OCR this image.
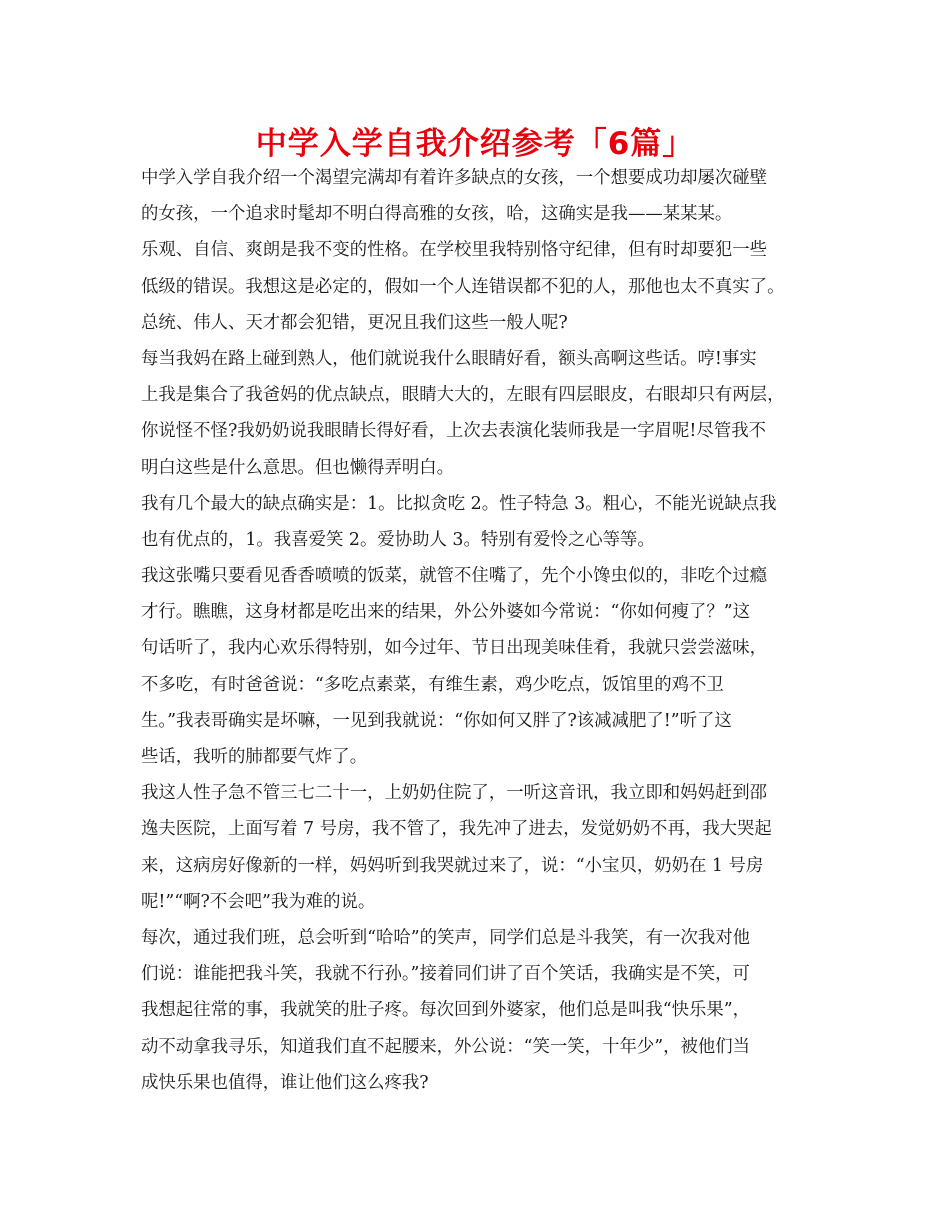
中学入学自我介绍参考「6篇」
中学入学自我介绍一个渴望完满却有着许多缺点的女孩，一个想要成功却屡次碰壁
的女孩，一个追求时髦却不明白得高雅的女孩，哈，这确实是我——某某某。
乐观、自信、爽朗是我不变的性格。在学校里我特别恪守纪律，但有时却要犯一些
低级的错误。我想这是必定的，假如一个人连错误都不犯的人，那他也太不真实了。
总统、伟人、天才都会犯错，更况且我们这些一般人呢?
每当我妈在路上碰到熟人，他们就说我什么眼睛好看，额头高啊这些话。哼!事实
上我是集合了我爸妈的优点缺点，眼睛大大的，左眼有四层眼皮，右眼却只有两层，
你说怪不怪?我奶奶说我眼睛长得好看，上次去表演化装师我是一字眉呢!尽管我不
明白这些是什么意思。但也懒得弄明白。
我有几个最大的缺点确实是：1。比拟贪吃 2。性子特急 3。粗心，不能光说缺点我
也有优点的，1。我喜爱笑 2。爱协助人 3。特别有爱怜之心等等。
我这张嘴只要看见香香喷喷的饭菜，就管不住嘴了，先个小馋虫似的，非吃个过瘾
才行。瞧瞧，这身材都是吃出来的结果，外公外婆如今常说：“你如何瘦了？”这
句话听了，我内心欢乐得特别，如今过年、节日出现美味佳肴，我就只尝尝滋味，
不多吃，有时爸爸说：“多吃点素菜，有维生素，鸡少吃点，饭馆里的鸡不卫
生。”我表哥确实是坏嘛，一见到我就说：“你如何又胖了?该减减肥了!”听了这
些话，我听的肺都要气炸了。
我这人性子急不管三七二十一，上奶奶住院了，一听这音讯，我立即和妈妈赶到邵
逸夫医院，上面写着 7 号房，我不管了，我先冲了进去，发觉奶奶不再，我大哭起
来，这病房好像新的一样，妈妈听到我哭就过来了，说：“小宝贝，奶奶在 1 号房
呢!”“啊?不会吧”我为难的说。
每次，通过我们班，总会听到“哈哈”的笑声，同学们总是斗我笑，有一次我对他
们说：谁能把我斗笑，我就不行孙。”接着同们讲了百个笑话，我确实是不笑，可
我想起往常的事，我就笑的肚子疼。每次回到外婆家，他们总是叫我“快乐果”，
动不动拿我寻乐，知道我们直不起腰来，外公说：“笑一笑，十年少”，被他们当
成快乐果也值得，谁让他们这么疼我?
